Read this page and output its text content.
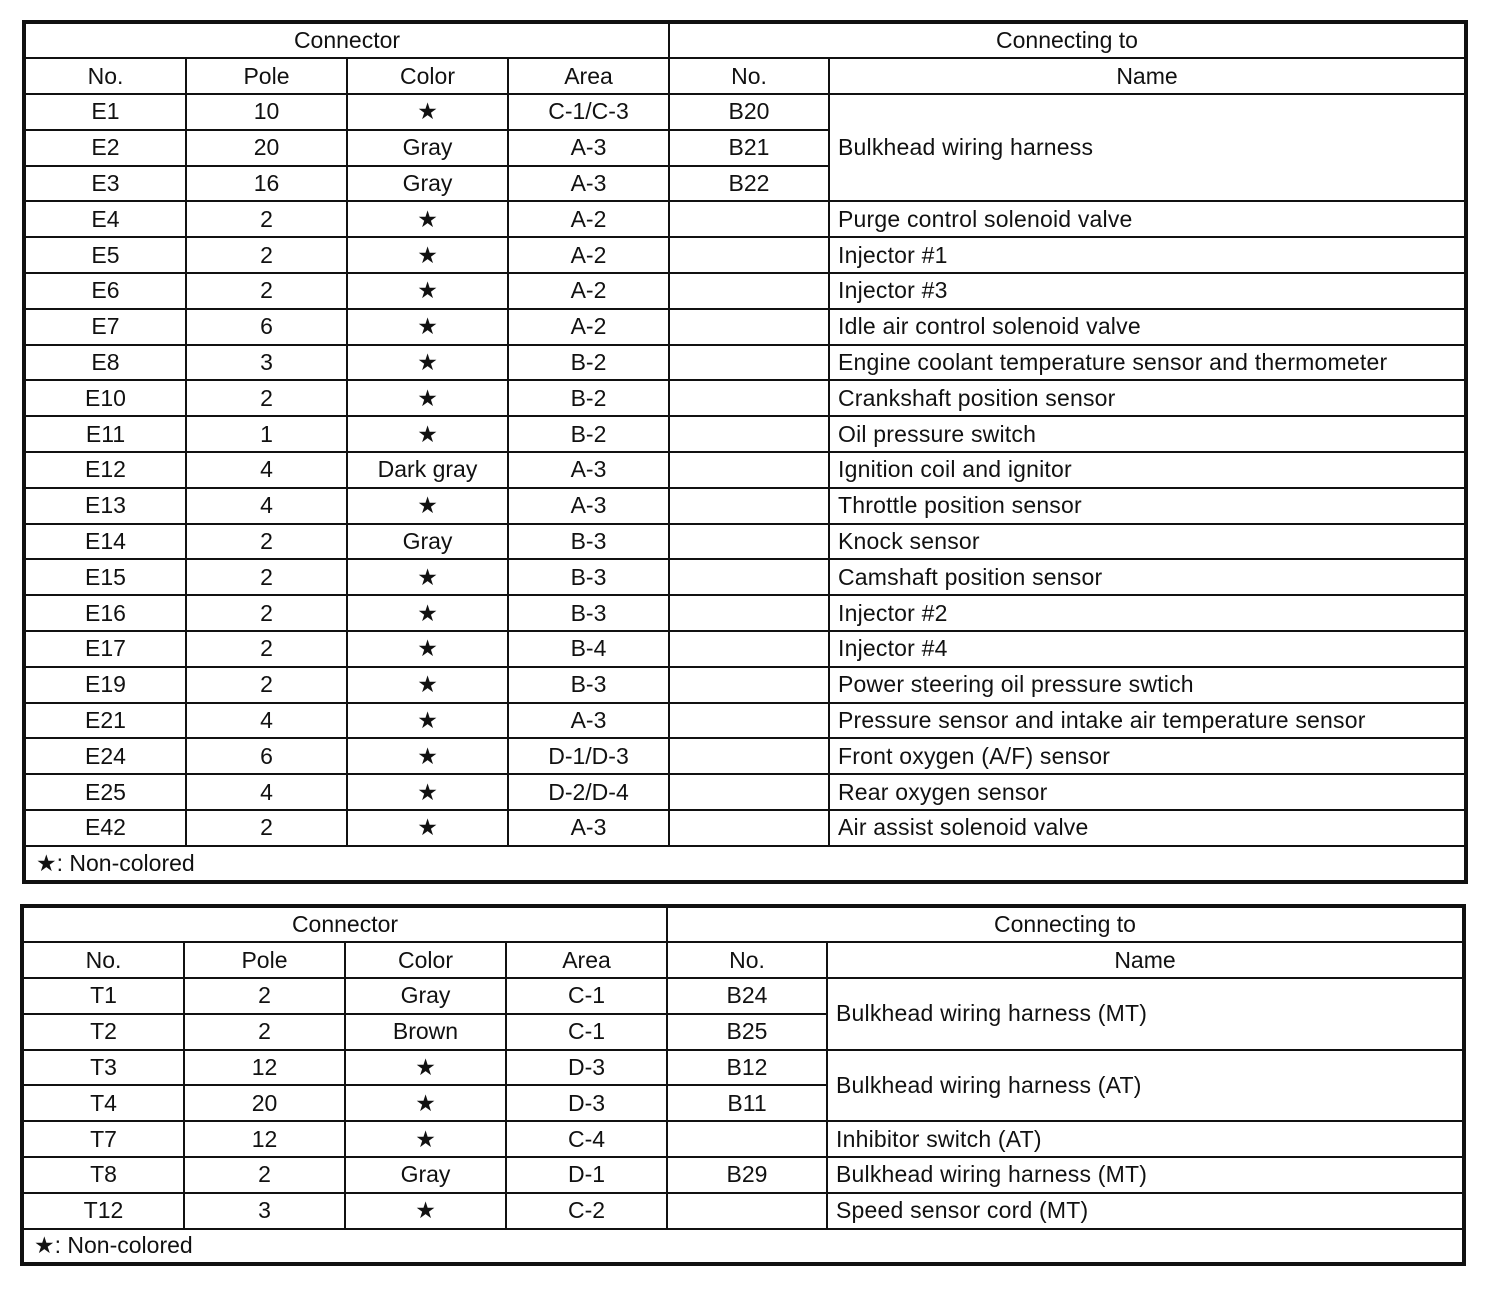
Connector				Connecting to	
No.	Pole	Color	Area	No.	Name
E1	10	★	C-1/C-3	B20	Bulkhead wiring harness
E2	20	Gray	A-3	B21	
E3	16	Gray	A-3	B22	
E4	2	★	A-2		Purge control solenoid valve
E5	2	★	A-2		Injector #1
E6	2	★	A-2		Injector #3
E7	6	★	A-2		Idle air control solenoid valve
E8	3	★	B-2		Engine coolant temperature sensor and thermometer
E10	2	★	B-2		Crankshaft position sensor
E11	1	★	B-2		Oil pressure switch
E12	4	Dark gray	A-3		Ignition coil and ignitor
E13	4	★	A-3		Throttle position sensor
E14	2	Gray	B-3		Knock sensor
E15	2	★	B-3		Camshaft position sensor
E16	2	★	B-3		Injector #2
E17	2	★	B-4		Injector #4
E19	2	★	B-3		Power steering oil pressure swtich
E21	4	★	A-3		Pressure sensor and intake air temperature sensor
E24	6	★	D-1/D-3		Front oxygen (A/F) sensor
E25	4	★	D-2/D-4		Rear oxygen sensor
E42	2	★	A-3		Air assist solenoid valve
★: Non-colored					
Connector				Connecting to	
No.	Pole	Color	Area	No.	Name
T1	2	Gray	C-1	B24	Bulkhead wiring harness (MT)
T2	2	Brown	C-1	B25	
T3	12	★	D-3	B12	Bulkhead wiring harness (AT)
T4	20	★	D-3	B11	
T7	12	★	C-4		Inhibitor switch (AT)
T8	2	Gray	D-1	B29	Bulkhead wiring harness (MT)
T12	3	★	C-2		Speed sensor cord (MT)
★: Non-colored					
